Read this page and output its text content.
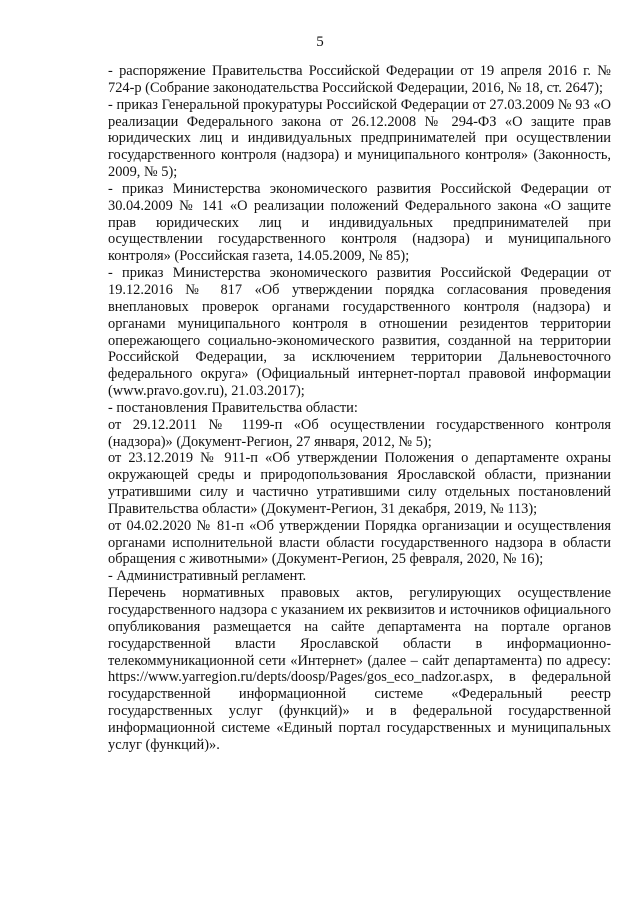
5

- распоряжение Правительства Российской Федерации от 19 апреля 2016 г. № 724-р (Собрание законодательства Российской Федерации, 2016, № 18, ст. 2647);

- приказ Генеральной прокуратуры Российской Федерации от 27.03.2009 № 93 «О реализации Федерального закона от 26.12.2008 № 294-ФЗ «О защите прав юридических лиц и индивидуальных предпринимателей при осуществлении государственного контроля (надзора) и муниципального контроля» (Законность, 2009, № 5);

- приказ Министерства экономического развития Российской Федерации от 30.04.2009 № 141 «О реализации положений Федерального закона «О защите прав юридических лиц и индивидуальных предпринимателей при осуществлении государственного контроля (надзора) и муниципального контроля» (Российская газета, 14.05.2009, № 85);

- приказ Министерства экономического развития Российской Федерации от 19.12.2016 № 817 «Об утверждении порядка согласования проведения внеплановых проверок органами государственного контроля (надзора) и органами муниципального контроля в отношении резидентов территории опережающего социально-экономического развития, созданной на территории Российской Федерации, за исключением территории Дальневосточного федерального округа» (Официальный интернет-портал правовой информации (www.pravo.gov.ru), 21.03.2017);

- постановления Правительства области:

от 29.12.2011 № 1199-п «Об осуществлении государственного контроля (надзора)» (Документ-Регион, 27 января, 2012, № 5);

от 23.12.2019 № 911-п «Об утверждении Положения о департаменте охраны окружающей среды и природопользования Ярославской области, признании утратившими силу и частично утратившими силу отдельных постановлений Правительства области» (Документ-Регион, 31 декабря, 2019, № 113);

от 04.02.2020 № 81-п «Об утверждении Порядка организации и осуществления органами исполнительной власти области государственного надзора в области обращения с животными» (Документ-Регион, 25 февраля, 2020, № 16);

- Административный регламент.

Перечень нормативных правовых актов, регулирующих осуществление государственного надзора с указанием их реквизитов и источников официального опубликования размещается на сайте департамента на портале органов государственной власти Ярославской области в информационно-телекоммуникационной сети «Интернет» (далее – сайт департамента) по адресу: https://www.yarregion.ru/depts/doosp/Pages/gos_eco_nadzor.aspx, в федеральной государственной информационной системе «Федеральный реестр государственных услуг (функций)» и в федеральной государственной информационной системе «Единый портал государственных и муниципальных услуг (функций)».
